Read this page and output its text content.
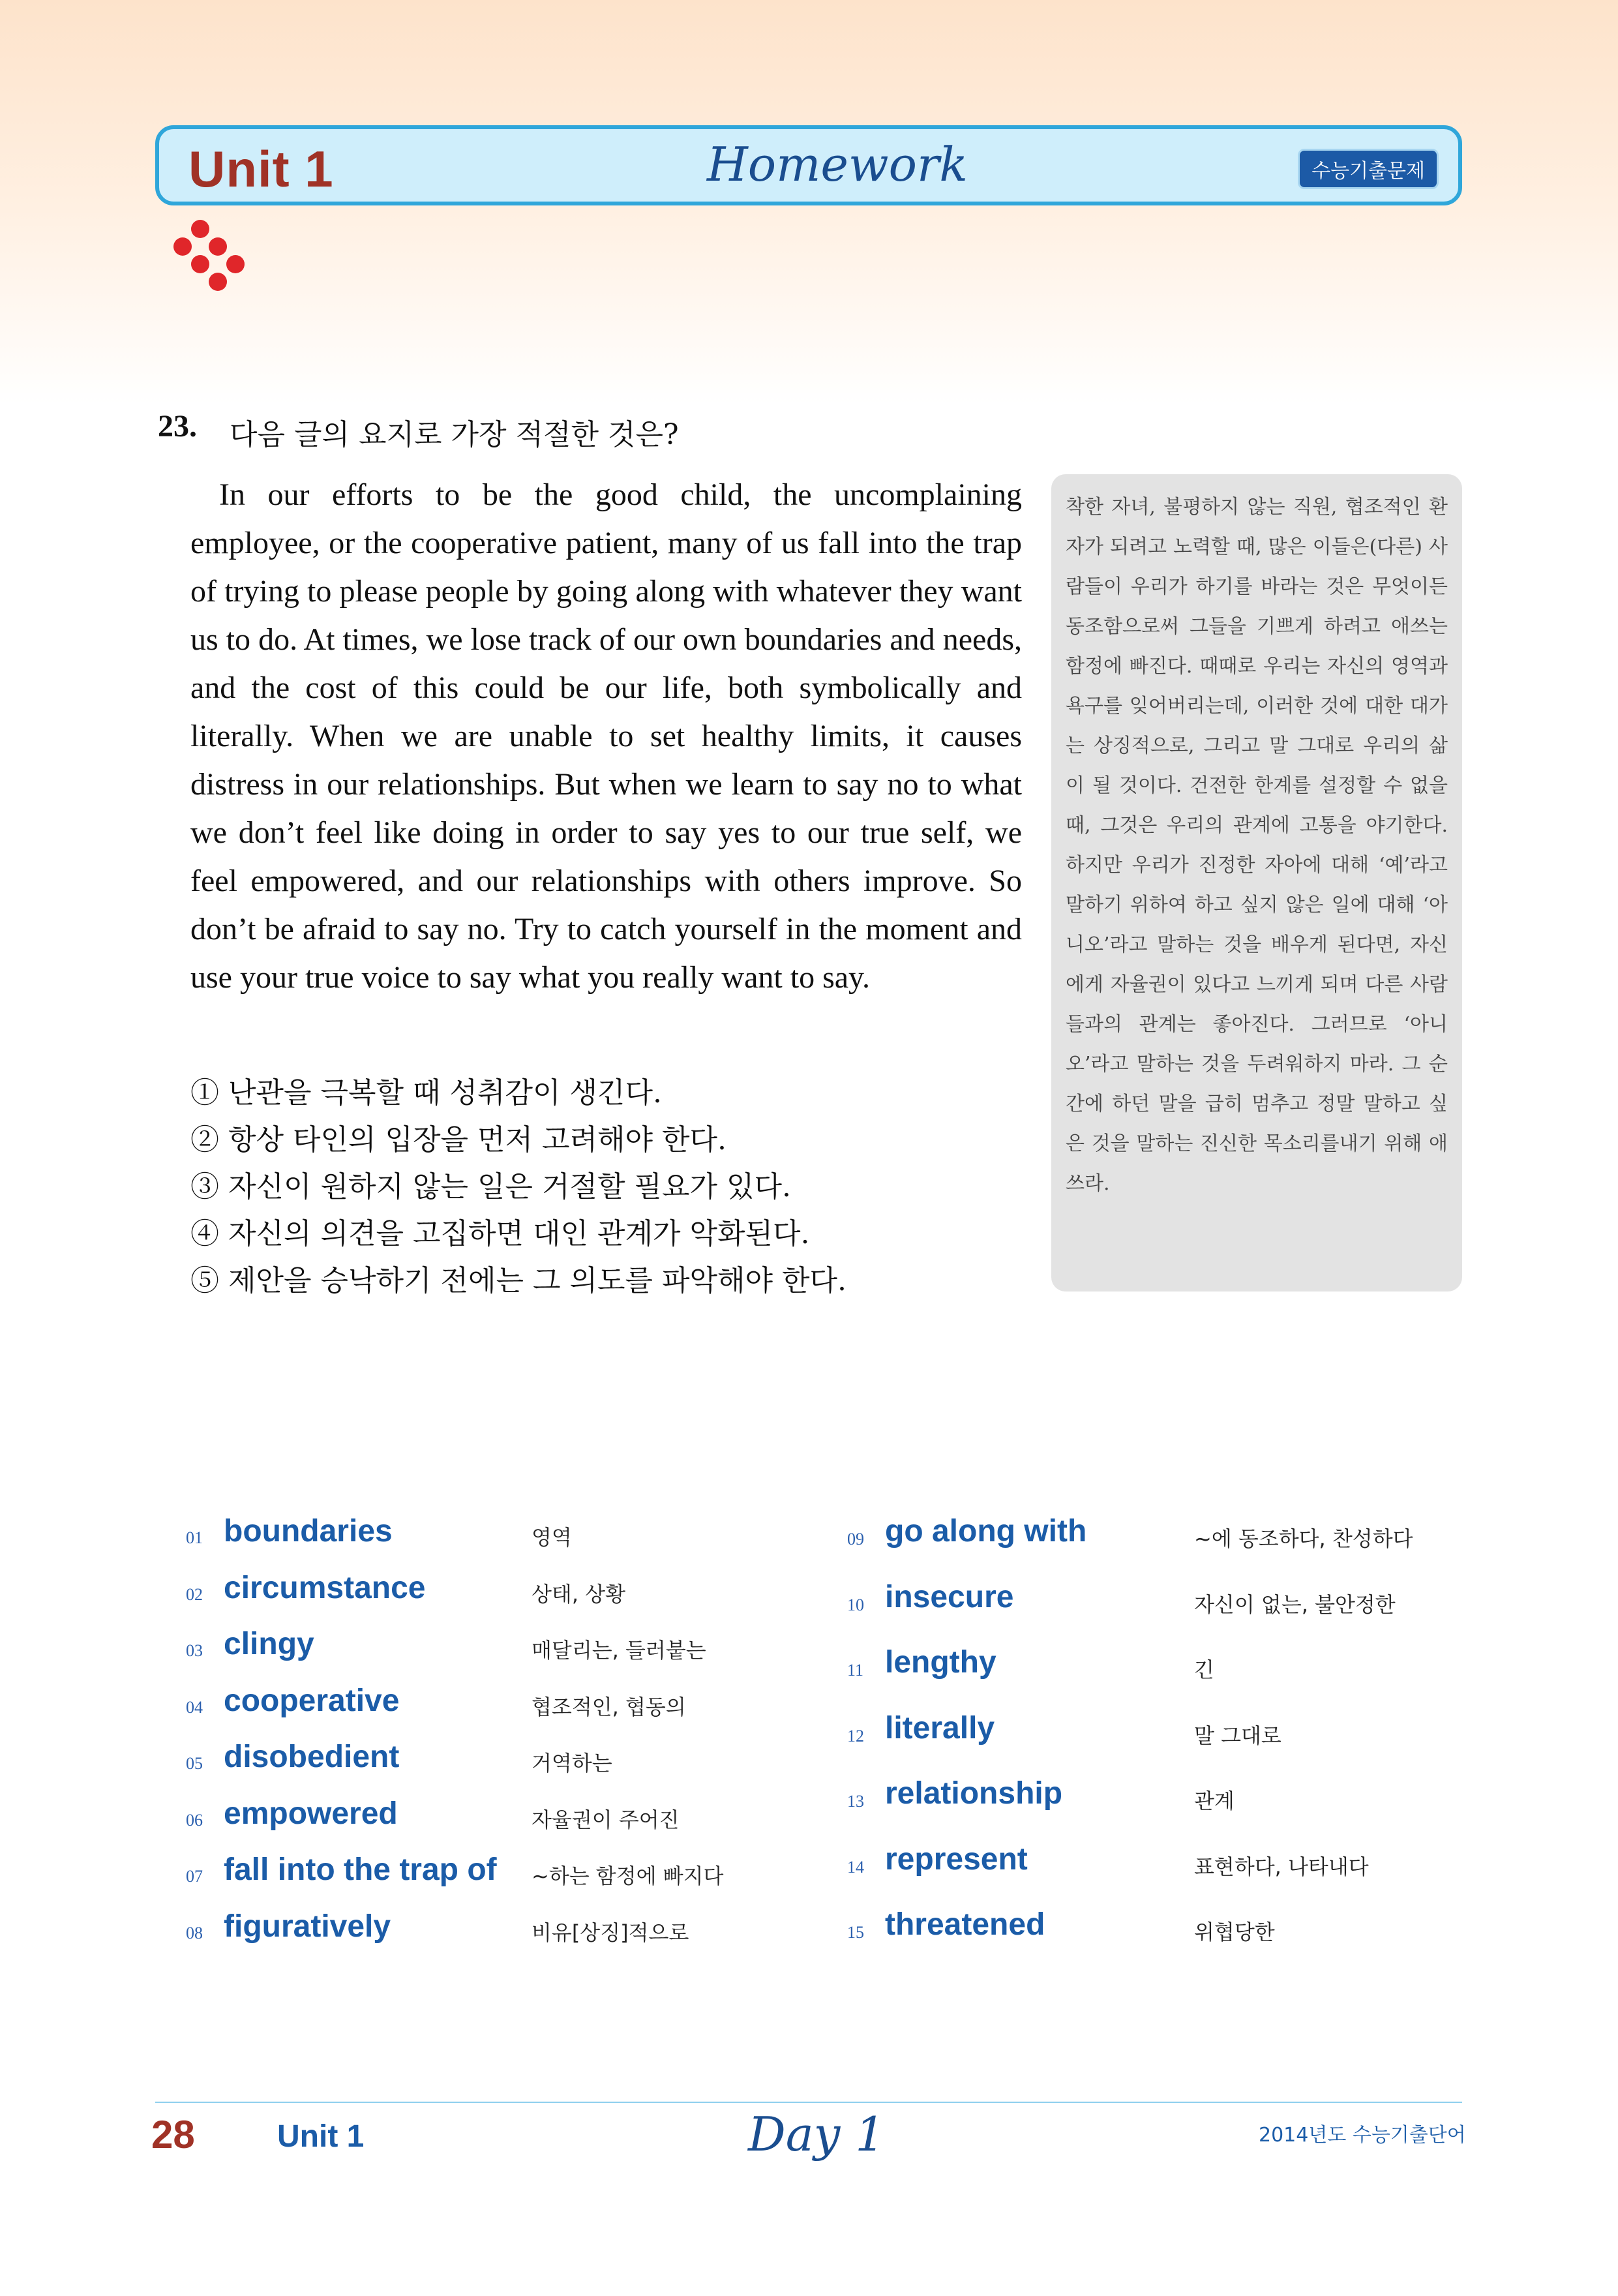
Unit 1	Homework	수능기출문제
23. 다음 글의 요지로 가장 적절한 것은?
In our efforts to be the good child, the uncomplaining employee, or the cooperative patient, many of us fall into the trap of trying to please people by going along with whatever they want us to do. At times, we lose track of our own boundaries and needs, and the cost of this could be our life, both symbolically and literally. When we are unable to set healthy limits, it causes distress in our relationships. But when we learn to say no to what we don’t feel like doing in order to say yes to our true self, we feel empowered, and our relationships with others improve. So don’t be afraid to say no. Try to catch yourself in the moment and use your true voice to say what you really want to say.
① 난관을 극복할 때 성취감이 생긴다.
② 항상 타인의 입장을 먼저 고려해야 한다.
③ 자신이 원하지 않는 일은 거절할 필요가 있다.
④ 자신의 의견을 고집하면 대인 관계가 악화된다.
⑤ 제안을 승낙하기 전에는 그 의도를 파악해야 한다.
착한 자녀, 불평하지 않는 직원, 협조적인 환자가 되려고 노력할 때, 많은 이들은(다른) 사람들이 우리가 하기를 바라는 것은 무엇이든 동조함으로써 그들을 기쁘게 하려고 애쓰는 함정에 빠진다. 때때로 우리는 자신의 영역과 욕구를 잊어버리는데, 이러한 것에 대한 대가는 상징적으로, 그리고 말 그대로 우리의 삶이 될 것이다. 건전한 한계를 설정할 수 없을 때, 그것은 우리의 관계에 고통을 야기한다. 하지만 우리가 진정한 자아에 대해 ‘예’라고 말하기 위하여 하고 싶지 않은 일에 대해 ‘아니오’라고 말하는 것을 배우게 된다면, 자신에게 자율권이 있다고 느끼게 되며 다른 사람들과의 관계는 좋아진다. 그러므로 ‘아니오’라고 말하는 것을 두려워하지 마라. 그 순간에 하던 말을 급히 멈추고 정말 말하고 싶은 것을 말하는 진신한 목소리를내기 위해 애쓰라.
01 boundaries	영역
02 circumstance	상태, 상황
03 clingy	매달리는, 들러붙는
04 cooperative	협조적인, 협동의
05 disobedient	거역하는
06 empowered	자율권이 주어진
07 fall into the trap of ~하는 함정에 빠지다
08 figuratively	비유[상징]적으로
09 go along with	~에 동조하다, 찬성하다
10 insecure	자신이 없는, 불안정한
11 lengthy	긴
12 literally	말 그대로
13 relationship	관계
14 represent	표현하다, 나타내다
15 threatened	위협당한
28	Unit 1	Day 1	2014년도 수능기출단어
